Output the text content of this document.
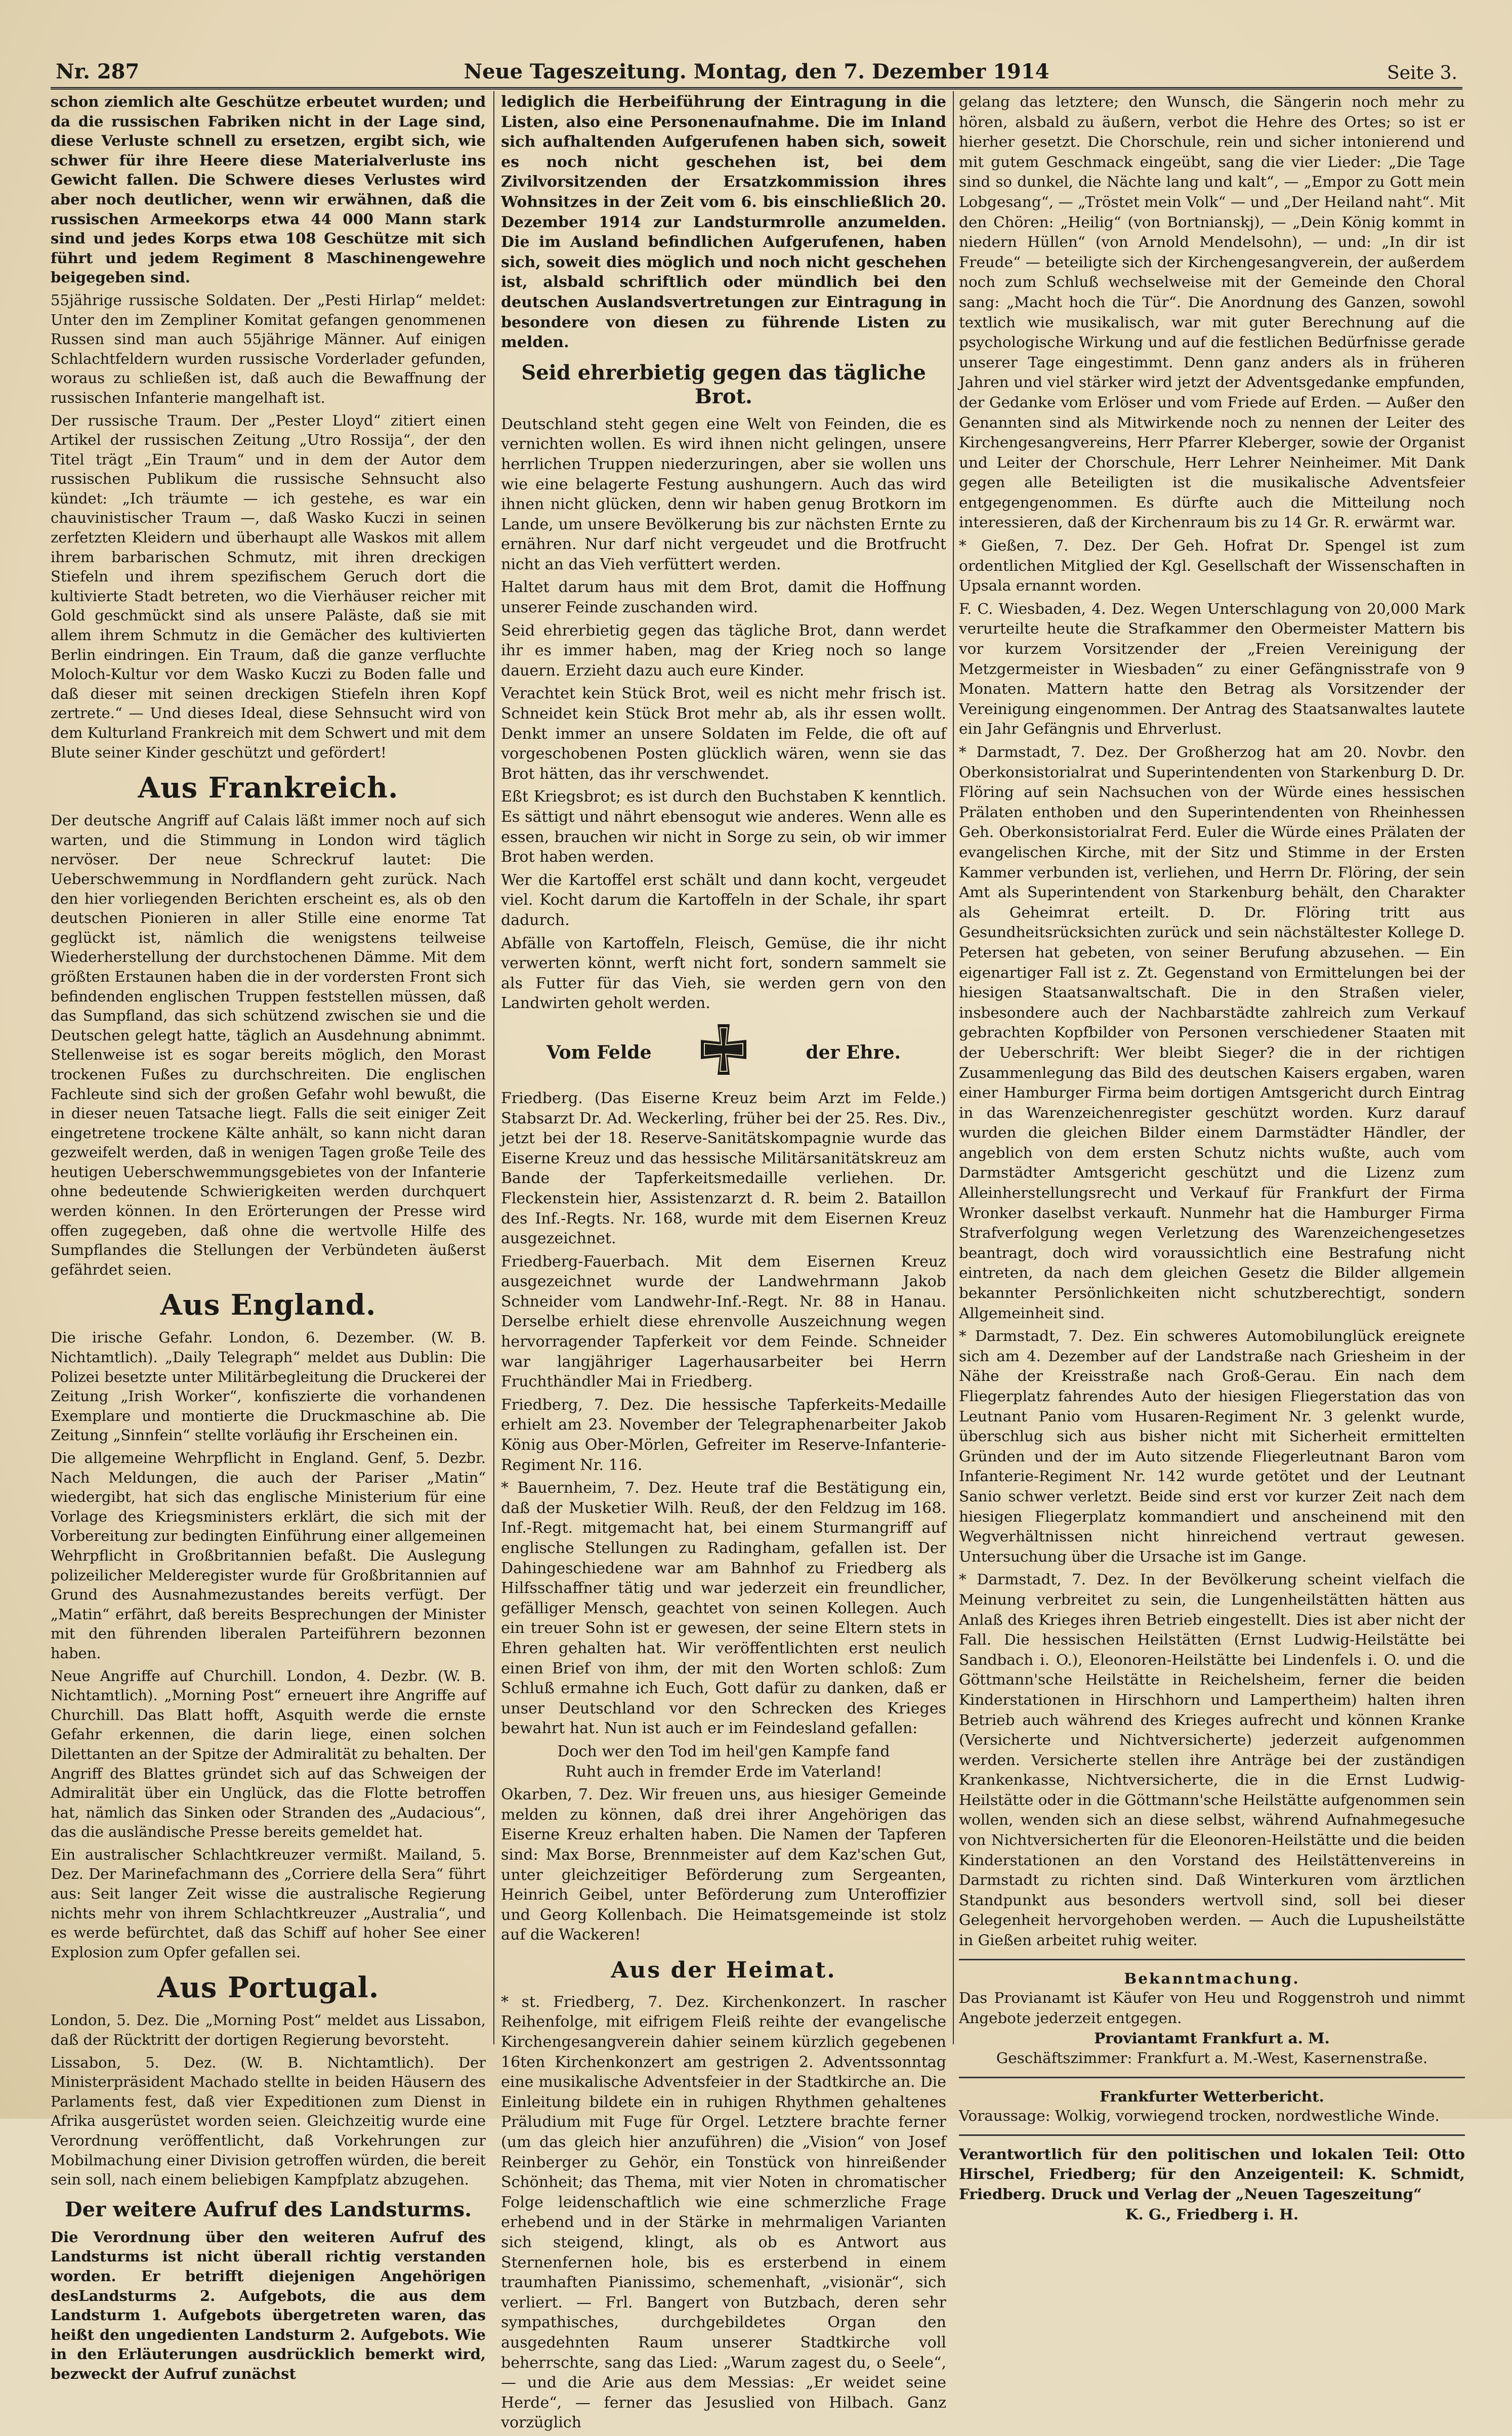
Nr. 287	Neue Tageszeitung. Montag, den 7. Dezember 1914	Seite 3.

schon ziemlich alte Geschütze erbeutet wurden; und da die russischen Fabriken nicht in der Lage sind, diese Verluste schnell zu ersetzen, ergibt sich, wie schwer für ihre Heere diese Materialverluste ins Gewicht fallen. Die Schwere dieses Verlustes wird aber noch deutlicher, wenn wir erwähnen, daß die russischen Armeekorps etwa 44 000 Mann stark sind und jedes Korps etwa 108 Geschütze mit sich führt und jedem Regiment 8 Maschinengewehre beigegeben sind.

55jährige russische Soldaten. Der „Pesti Hirlap“ meldet: Unter den im Zempliner Komitat gefangen genommenen Russen sind man auch 55jährige Männer. Auf einigen Schlachtfeldern wurden russische Vorderlader gefunden, woraus zu schließen ist, daß auch die Bewaffnung der russischen Infanterie mangelhaft ist.

Der russische Traum. Der „Pester Lloyd“ zitiert einen Artikel der russischen Zeitung „Utro Rossija“, der den Titel trägt „Ein Traum“ und in dem der Autor dem russischen Publikum die russische Sehnsucht also kündet: „Ich träumte — ich gestehe, es war ein chauvinistischer Traum —, daß Wasko Kuczi in seinen zerfetzten Kleidern und überhaupt alle Waskos mit allem ihrem barbarischen Schmutz, mit ihren dreckigen Stiefeln und ihrem spezifischem Geruch dort die kultivierte Stadt betreten, wo die Vierhäuser reicher mit Gold geschmückt sind als unsere Paläste, daß sie mit allem ihrem Schmutz in die Gemächer des kultivierten Berlin eindringen. Ein Traum, daß die ganze verfluchte Moloch-Kultur vor dem Wasko Kuczi zu Boden falle und daß dieser mit seinen dreckigen Stiefeln ihren Kopf zertrete.“ — Und dieses Ideal, diese Sehnsucht wird von dem Kulturland Frankreich mit dem Schwert und mit dem Blute seiner Kinder geschützt und gefördert!

Aus Frankreich.

Der deutsche Angriff auf Calais läßt immer noch auf sich warten, und die Stimmung in London wird täglich nervöser. Der neue Schreckruf lautet: Die Ueberschwemmung in Nordflandern geht zurück. Nach den hier vorliegenden Berichten erscheint es, als ob den deutschen Pionieren in aller Stille eine enorme Tat geglückt ist, nämlich die wenigstens teilweise Wiederherstellung der durchstochenen Dämme. Mit dem größten Erstaunen haben die in der vordersten Front sich befindenden englischen Truppen feststellen müssen, daß das Sumpfland, das sich schützend zwischen sie und die Deutschen gelegt hatte, täglich an Ausdehnung abnimmt. Stellenweise ist es sogar bereits möglich, den Morast trockenen Fußes zu durchschreiten. Die englischen Fachleute sind sich der großen Gefahr wohl bewußt, die in dieser neuen Tatsache liegt. Falls die seit einiger Zeit eingetretene trockene Kälte anhält, so kann nicht daran gezweifelt werden, daß in wenigen Tagen große Teile des heutigen Ueberschwemmungsgebietes von der Infanterie ohne bedeutende Schwierigkeiten werden durchquert werden können. In den Erörterungen der Presse wird offen zugegeben, daß ohne die wertvolle Hilfe des Sumpflandes die Stellungen der Verbündeten äußerst gefährdet seien.

Aus England.

Die irische Gefahr. London, 6. Dezember. (W. B. Nichtamtlich). „Daily Telegraph“ meldet aus Dublin: Die Polizei besetzte unter Militärbegleitung die Druckerei der Zeitung „Irish Worker“, konfiszierte die vorhandenen Exemplare und montierte die Druckmaschine ab. Die Zeitung „Sinnfein“ stellte vorläufig ihr Erscheinen ein.

Die allgemeine Wehrpflicht in England. Genf, 5. Dezbr. Nach Meldungen, die auch der Pariser „Matin“ wiedergibt, hat sich das englische Ministerium für eine Vorlage des Kriegsministers erklärt, die sich mit der Vorbereitung zur bedingten Einführung einer allgemeinen Wehrpflicht in Großbritannien befaßt. Die Auslegung polizeilicher Melderegister wurde für Großbritannien auf Grund des Ausnahmezustandes bereits verfügt. Der „Matin“ erfährt, daß bereits Besprechungen der Minister mit den führenden liberalen Parteiführern bezonnen haben.

Neue Angriffe auf Churchill. London, 4. Dezbr. (W. B. Nichtamtlich). „Morning Post“ erneuert ihre Angriffe auf Churchill. Das Blatt hofft, Asquith werde die ernste Gefahr erkennen, die darin liege, einen solchen Dilettanten an der Spitze der Admiralität zu behalten. Der Angriff des Blattes gründet sich auf das Schweigen der Admiralität über ein Unglück, das die Flotte betroffen hat, nämlich das Sinken oder Stranden des „Audacious“, das die ausländische Presse bereits gemeldet hat.

Ein australischer Schlachtkreuzer vermißt. Mailand, 5. Dez. Der Marinefachmann des „Corriere della Sera“ führt aus: Seit langer Zeit wisse die australische Regierung nichts mehr von ihrem Schlachtkreuzer „Australia“, und es werde befürchtet, daß das Schiff auf hoher See einer Explosion zum Opfer gefallen sei.

Aus Portugal.

London, 5. Dez. Die „Morning Post“ meldet aus Lissabon, daß der Rücktritt der dortigen Regierung bevorsteht.

Lissabon, 5. Dez. (W. B. Nichtamtlich). Der Ministerpräsident Machado stellte in beiden Häusern des Parlaments fest, daß vier Expeditionen zum Dienst in Afrika ausgerüstet worden seien. Gleichzeitig wurde eine Verordnung veröffentlicht, daß Vorkehrungen zur Mobilmachung einer Division getroffen würden, die bereit sein soll, nach einem beliebigen Kampfplatz abzugehen.

Der weitere Aufruf des Landsturms.

Die Verordnung über den weiteren Aufruf des Landsturms ist nicht überall richtig verstanden worden. Er betrifft diejenigen Angehörigen desLandsturms 2. Aufgebots, die aus dem Landsturm 1. Aufgebots übergetreten waren, das heißt den ungedienten Landsturm 2. Aufgebots. Wie in den Erläuterungen ausdrücklich bemerkt wird, bezweckt der Aufruf zunächst

lediglich die Herbeiführung der Eintragung in die Listen, also eine Personenaufnahme. Die im Inland sich aufhaltenden Aufgerufenen haben sich, soweit es noch nicht geschehen ist, bei dem Zivilvorsitzenden der Ersatzkommission ihres Wohnsitzes in der Zeit vom 6. bis einschließlich 20. Dezember 1914 zur Landsturmrolle anzumelden. Die im Ausland befindlichen Aufgerufenen, haben sich, soweit dies möglich und noch nicht geschehen ist, alsbald schriftlich oder mündlich bei den deutschen Auslandsvertretungen zur Eintragung in besondere von diesen zu führende Listen zu melden.

Seid ehrerbietig gegen das tägliche Brot.

Deutschland steht gegen eine Welt von Feinden, die es vernichten wollen. Es wird ihnen nicht gelingen, unsere herrlichen Truppen niederzuringen, aber sie wollen uns wie eine belagerte Festung aushungern. Auch das wird ihnen nicht glücken, denn wir haben genug Brotkorn im Lande, um unsere Bevölkerung bis zur nächsten Ernte zu ernähren. Nur darf nicht vergeudet und die Brotfrucht nicht an das Vieh verfüttert werden.

Haltet darum haus mit dem Brot, damit die Hoffnung unserer Feinde zuschanden wird.

Seid ehrerbietig gegen das tägliche Brot, dann werdet ihr es immer haben, mag der Krieg noch so lange dauern. Erzieht dazu auch eure Kinder.

Verachtet kein Stück Brot, weil es nicht mehr frisch ist. Schneidet kein Stück Brot mehr ab, als ihr essen wollt. Denkt immer an unsere Soldaten im Felde, die oft auf vorgeschobenen Posten glücklich wären, wenn sie das Brot hätten, das ihr verschwendet.

Eßt Kriegsbrot; es ist durch den Buchstaben K kenntlich. Es sättigt und nährt ebensogut wie anderes. Wenn alle es essen, brauchen wir nicht in Sorge zu sein, ob wir immer Brot haben werden.

Wer die Kartoffel erst schält und dann kocht, vergeudet viel. Kocht darum die Kartoffeln in der Schale, ihr spart dadurch.

Abfälle von Kartoffeln, Fleisch, Gemüse, die ihr nicht verwerten könnt, werft nicht fort, sondern sammelt sie als Futter für das Vieh, sie werden gern von den Landwirten geholt werden.

Vom Felde	der Ehre.

Friedberg. (Das Eiserne Kreuz beim Arzt im Felde.) Stabsarzt Dr. Ad. Weckerling, früher bei der 25. Res. Div., jetzt bei der 18. Reserve-Sanitätskompagnie wurde das Eiserne Kreuz und das hessische Militärsanitätskreuz am Bande der Tapferkeitsmedaille verliehen. Dr. Fleckenstein hier, Assistenzarzt d. R. beim 2. Bataillon des Inf.-Regts. Nr. 168, wurde mit dem Eisernen Kreuz ausgezeichnet.

Friedberg-Fauerbach. Mit dem Eisernen Kreuz ausgezeichnet wurde der Landwehrmann Jakob Schneider vom Landwehr-Inf.-Regt. Nr. 88 in Hanau. Derselbe erhielt diese ehrenvolle Auszeichnung wegen hervorragender Tapferkeit vor dem Feinde. Schneider war langjähriger Lagerhausarbeiter bei Herrn Fruchthändler Mai in Friedberg.

Friedberg, 7. Dez. Die hessische Tapferkeits-Medaille erhielt am 23. November der Telegraphenarbeiter Jakob König aus Ober-Mörlen, Gefreiter im Reserve-Infanterie-Regiment Nr. 116.

* Bauernheim, 7. Dez. Heute traf die Bestätigung ein, daß der Musketier Wilh. Reuß, der den Feldzug im 168. Inf.-Regt. mitgemacht hat, bei einem Sturmangriff auf englische Stellungen zu Radingham, gefallen ist. Der Dahingeschiedene war am Bahnhof zu Friedberg als Hilfsschaffner tätig und war jederzeit ein freundlicher, gefälliger Mensch, geachtet von seinen Kollegen. Auch ein treuer Sohn ist er gewesen, der seine Eltern stets in Ehren gehalten hat. Wir veröffentlichten erst neulich einen Brief von ihm, der mit den Worten schloß: Zum Schluß ermahne ich Euch, Gott dafür zu danken, daß er unser Deutschland vor den Schrecken des Krieges bewahrt hat. Nun ist auch er im Feindesland gefallen:

Doch wer den Tod im heil'gen Kampfe fand

Ruht auch in fremder Erde im Vaterland!

Okarben, 7. Dez. Wir freuen uns, aus hiesiger Gemeinde melden zu können, daß drei ihrer Angehörigen das Eiserne Kreuz erhalten haben. Die Namen der Tapferen sind: Max Borse, Brennmeister auf dem Kaz'schen Gut, unter gleichzeitiger Beförderung zum Sergeanten, Heinrich Geibel, unter Beförderung zum Unteroffizier und Georg Kollenbach. Die Heimatsgemeinde ist stolz auf die Wackeren!

Aus der Heimat.

* st. Friedberg, 7. Dez. Kirchenkonzert. In rascher Reihenfolge, mit eifrigem Fleiß reihte der evangelische Kirchengesangverein dahier seinem kürzlich gegebenen 16ten Kirchenkonzert am gestrigen 2. Adventssonntag eine musikalische Adventsfeier in der Stadtkirche an. Die Einleitung bildete ein in ruhigen Rhythmen gehaltenes Präludium mit Fuge für Orgel. Letztere brachte ferner (um das gleich hier anzuführen) die „Vision“ von Josef Reinberger zu Gehör, ein Tonstück von hinreißender Schönheit; das Thema, mit vier Noten in chromatischer Folge leidenschaftlich wie eine schmerzliche Frage erhebend und in der Stärke in mehrmaligen Varianten sich steigend, klingt, als ob es Antwort aus Sternenfernen hole, bis es ersterbend in einem traumhaften Pianissimo, schemenhaft, „visionär“, sich verliert. — Frl. Bangert von Butzbach, deren sehr sympathisches, durchgebildetes Organ den ausgedehnten Raum unserer Stadtkirche voll beherrschte, sang das Lied: „Warum zagest du, o Seele“, — und die Arie aus dem Messias: „Er weidet seine Herde“, — ferner das Jesuslied von Hilbach. Ganz vorzüglich

gelang das letztere; den Wunsch, die Sängerin noch mehr zu hören, alsbald zu äußern, verbot die Hehre des Ortes; so ist er hierher gesetzt. Die Chorschule, rein und sicher intonierend und mit gutem Geschmack eingeübt, sang die vier Lieder: „Die Tage sind so dunkel, die Nächte lang und kalt“, — „Empor zu Gott mein Lobgesang“, — „Tröstet mein Volk“ — und „Der Heiland naht“. Mit den Chören: „Heilig“ (von Bortnianskj), — „Dein König kommt in niedern Hüllen“ (von Arnold Mendelsohn), — und: „In dir ist Freude“ — beteiligte sich der Kirchengesangverein, der außerdem noch zum Schluß wechselweise mit der Gemeinde den Choral sang: „Macht hoch die Tür“. Die Anordnung des Ganzen, sowohl textlich wie musikalisch, war mit guter Berechnung auf die psychologische Wirkung und auf die festlichen Bedürfnisse gerade unserer Tage eingestimmt. Denn ganz anders als in früheren Jahren und viel stärker wird jetzt der Adventsgedanke empfunden, der Gedanke vom Erlöser und vom Friede auf Erden. — Außer den Genannten sind als Mitwirkende noch zu nennen der Leiter des Kirchengesangvereins, Herr Pfarrer Kleberger, sowie der Organist und Leiter der Chorschule, Herr Lehrer Neinheimer. Mit Dank gegen alle Beteiligten ist die musikalische Adventsfeier entgegengenommen. Es dürfte auch die Mitteilung noch interessieren, daß der Kirchenraum bis zu 14 Gr. R. erwärmt war.

* Gießen, 7. Dez. Der Geh. Hofrat Dr. Spengel ist zum ordentlichen Mitglied der Kgl. Gesellschaft der Wissenschaften in Upsala ernannt worden.

F. C. Wiesbaden, 4. Dez. Wegen Unterschlagung von 20,000 Mark verurteilte heute die Strafkammer den Obermeister Mattern bis vor kurzem Vorsitzender der „Freien Vereinigung der Metzgermeister in Wiesbaden“ zu einer Gefängnisstrafe von 9 Monaten. Mattern hatte den Betrag als Vorsitzender der Vereinigung eingenommen. Der Antrag des Staatsanwaltes lautete ein Jahr Gefängnis und Ehrverlust.

* Darmstadt, 7. Dez. Der Großherzog hat am 20. Novbr. den Oberkonsistorialrat und Superintendenten von Starkenburg D. Dr. Flöring auf sein Nachsuchen von der Würde eines hessischen Prälaten enthoben und den Superintendenten von Rheinhessen Geh. Oberkonsistorialrat Ferd. Euler die Würde eines Prälaten der evangelischen Kirche, mit der Sitz und Stimme in der Ersten Kammer verbunden ist, verliehen, und Herrn Dr. Flöring, der sein Amt als Superintendent von Starkenburg behält, den Charakter als Geheimrat erteilt. D. Dr. Flöring tritt aus Gesundheitsrücksichten zurück und sein nächstältester Kollege D. Petersen hat gebeten, von seiner Berufung abzusehen. — Ein eigenartiger Fall ist z. Zt. Gegenstand von Ermittelungen bei der hiesigen Staatsanwaltschaft. Die in den Straßen vieler, insbesondere auch der Nachbarstädte zahlreich zum Verkauf gebrachten Kopfbilder von Personen verschiedener Staaten mit der Ueberschrift: Wer bleibt Sieger? die in der richtigen Zusammenlegung das Bild des deutschen Kaisers ergaben, waren einer Hamburger Firma beim dortigen Amtsgericht durch Eintrag in das Warenzeichenregister geschützt worden. Kurz darauf wurden die gleichen Bilder einem Darmstädter Händler, der angeblich von dem ersten Schutz nichts wußte, auch vom Darmstädter Amtsgericht geschützt und die Lizenz zum Alleinherstellungsrecht und Verkauf für Frankfurt der Firma Wronker daselbst verkauft. Nunmehr hat die Hamburger Firma Strafverfolgung wegen Verletzung des Warenzeichengesetzes beantragt, doch wird voraussichtlich eine Bestrafung nicht eintreten, da nach dem gleichen Gesetz die Bilder allgemein bekannter Persönlichkeiten nicht schutzberechtigt, sondern Allgemeinheit sind.

* Darmstadt, 7. Dez. Ein schweres Automobilunglück ereignete sich am 4. Dezember auf der Landstraße nach Griesheim in der Nähe der Kreisstraße nach Groß-Gerau. Ein nach dem Fliegerplatz fahrendes Auto der hiesigen Fliegerstation das von Leutnant Panio vom Husaren-Regiment Nr. 3 gelenkt wurde, überschlug sich aus bisher nicht mit Sicherheit ermittelten Gründen und der im Auto sitzende Fliegerleutnant Baron vom Infanterie-Regiment Nr. 142 wurde getötet und der Leutnant Sanio schwer verletzt. Beide sind erst vor kurzer Zeit nach dem hiesigen Fliegerplatz kommandiert und anscheinend mit den Wegverhältnissen nicht hinreichend vertraut gewesen. Untersuchung über die Ursache ist im Gange.

* Darmstadt, 7. Dez. In der Bevölkerung scheint vielfach die Meinung verbreitet zu sein, die Lungenheilstätten hätten aus Anlaß des Krieges ihren Betrieb eingestellt. Dies ist aber nicht der Fall. Die hessischen Heilstätten (Ernst Ludwig-Heilstätte bei Sandbach i. O.), Eleonoren-Heilstätte bei Lindenfels i. O. und die Göttmann'sche Heilstätte in Reichelsheim, ferner die beiden Kinderstationen in Hirschhorn und Lampertheim) halten ihren Betrieb auch während des Krieges aufrecht und können Kranke (Versicherte und Nichtversicherte) jederzeit aufgenommen werden. Versicherte stellen ihre Anträge bei der zuständigen Krankenkasse, Nichtversicherte, die in die Ernst Ludwig-Heilstätte oder in die Göttmann'sche Heilstätte aufgenommen sein wollen, wenden sich an diese selbst, während Aufnahmegesuche von Nichtversicherten für die Eleonoren-Heilstätte und die beiden Kinderstationen an den Vorstand des Heilstättenvereins in Darmstadt zu richten sind. Daß Winterkuren vom ärztlichen Standpunkt aus besonders wertvoll sind, soll bei dieser Gelegenheit hervorgehoben werden. — Auch die Lupusheilstätte in Gießen arbeitet ruhig weiter.

Bekanntmachung.

Das Provianamt ist Käufer von Heu und Roggenstroh und nimmt Angebote jederzeit entgegen.

Proviantamt Frankfurt a. M.

Geschäftszimmer: Frankfurt a. M.-West, Kasernenstraße.

Frankfurter Wetterbericht.

Voraussage: Wolkig, vorwiegend trocken, nordwestliche Winde.

Verantwortlich für den politischen und lokalen Teil: Otto Hirschel, Friedberg; für den Anzeigenteil: K. Schmidt, Friedberg. Druck und Verlag der „Neuen Tageszeitung“

K. G., Friedberg i. H.
